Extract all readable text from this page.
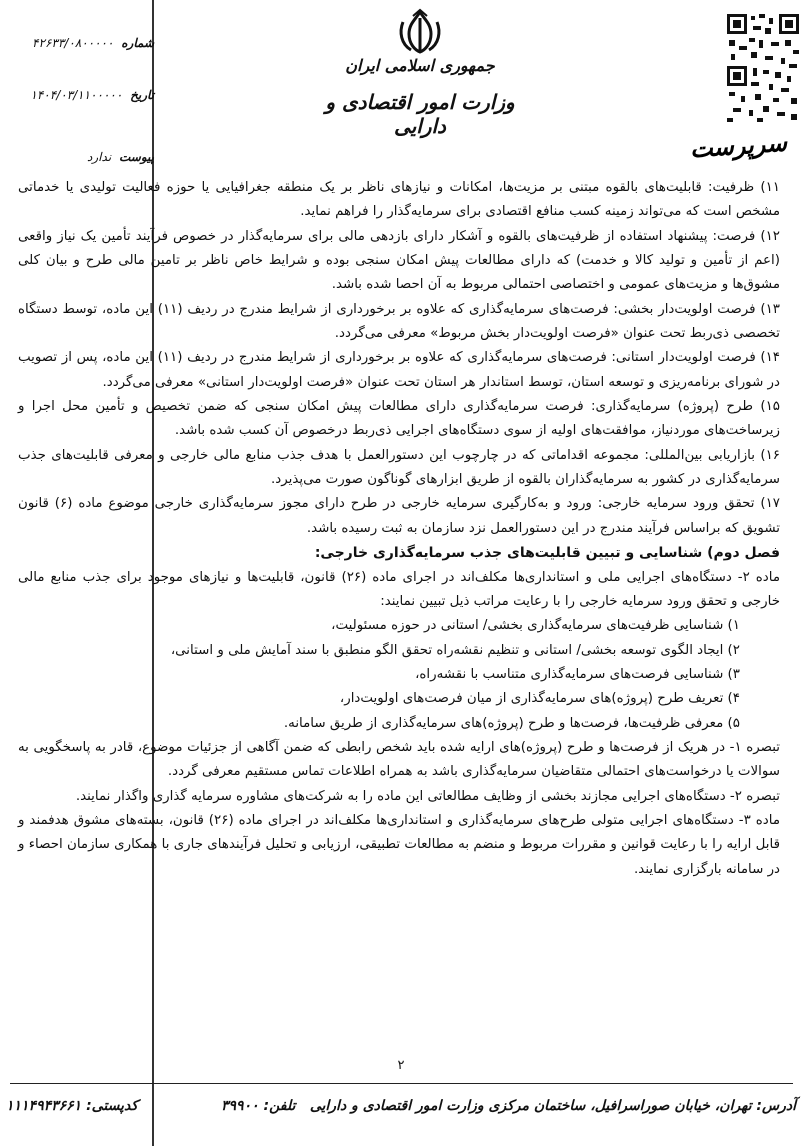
جمهوری اسلامی ایران
وزارت امور اقتصادی و دارایی
شماره ۴۲۶۳۳/۰۸۰۰۰۰۰
تاریخ ۱۴۰۴/۰۳/۱۱۰۰۰۰۰
پیوست ندارد	سرپرست

۱۱) ظرفیت: قابلیت‌های بالقوه مبتنی بر مزیت‌ها، امکانات و نیازهای ناظر بر یک منطقه جغرافیایی یا حوزه فعالیت تولیدی یا خدماتی مشخص است که می‌تواند زمینه کسب منافع اقتصادی برای سرمایه‌گذار را فراهم نماید.

۱۲) فرصت: پیشنهاد استفاده از ظرفیت‌های بالقوه و آشکار دارای بازدهی مالی برای سرمایه‌گذار در خصوص فرآیند تأمین یک نیاز واقعی (اعم از تأمین و تولید کالا و خدمت) که دارای مطالعات پیش امکان سنجی بوده و شرایط خاص ناظر بر تامین مالی طرح و بیان کلی مشوق‌ها و مزیت‌های عمومی و اختصاصی احتمالی مربوط به آن احصا شده باشد.

۱۳) فرصت اولویت‌دار بخشی: فرصت‌های سرمایه‌گذاری که علاوه بر برخورداری از شرایط مندرج در ردیف (۱۱) این ماده، توسط دستگاه تخصصی ذی‌ربط تحت عنوان «فرصت اولویت‌دار بخش مربوط» معرفی می‌گردد.

۱۴) فرصت اولویت‌دار استانی: فرصت‌های سرمایه‌گذاری که علاوه بر برخورداری از شرایط مندرج در ردیف (۱۱) این ماده، پس از تصویب در شورای برنامه‌ریزی و توسعه استان، توسط استاندار هر استان تحت عنوان «فرصت اولویت‌دار استانی» معرفی می‌گردد.

۱۵) طرح (پروژه) سرمایه‌گذاری: فرصت سرمایه‌گذاری دارای مطالعات پیش امکان سنجی که ضمن تخصیص و تأمین محل اجرا و زیرساخت‌های موردنیاز، موافقت‌های اولیه از سوی دستگاه‌های اجرایی ذی‌ربط درخصوص آن کسب شده باشد.

۱۶) بازاریابی بین‌المللی: مجموعه اقداماتی که در چارچوب این دستورالعمل با هدف جذب منابع مالی خارجی و معرفی قابلیت‌های جذب سرمایه‌گذاری در کشور به سرمایه‌گذاران بالقوه از طریق ابزارهای گوناگون صورت می‌پذیرد.

۱۷) تحقق ورود سرمایه خارجی: ورود و به‌کارگیری سرمایه خارجی در طرح دارای مجوز سرمایه‌گذاری خارجی موضوع ماده (۶) قانون تشویق که براساس فرآیند مندرج در این دستورالعمل نزد سازمان به ثبت رسیده باشد.

فصل دوم) شناسایی و تبیین قابلیت‌های جذب سرمایه‌گذاری خارجی:

ماده ۲- دستگاه‌های اجرایی ملی و استانداری‌ها مکلف‌اند در اجرای ماده (۲۶) قانون، قابلیت‌ها و نیازهای موجود برای جذب منابع مالی خارجی و تحقق ورود سرمایه خارجی را با رعایت مراتب ذیل تبیین نمایند:

۱) شناسایی ظرفیت‌های سرمایه‌گذاری بخشی/ استانی در حوزه مسئولیت،

۲) ایجاد الگوی توسعه بخشی/ استانی و تنظیم نقشه‌راه تحقق الگو منطبق با سند آمایش ملی و استانی،

۳) شناسایی فرصت‌های سرمایه‌گذاری متناسب با نقشه‌راه،

۴) تعریف طرح (پروژه)های سرمایه‌گذاری از میان فرصت‌های اولویت‌دار،

۵) معرفی ظرفیت‌ها، فرصت‌ها و طرح (پروژه)های سرمایه‌گذاری از طریق سامانه.

تبصره ۱- در هریک از فرصت‌ها و طرح (پروژه)های ارایه شده باید شخص رابطی که ضمن آگاهی از جزئیات موضوع، قادر به پاسخگویی به سوالات یا درخواست‌های احتمالی متقاضیان سرمایه‌گذاری باشد به همراه اطلاعات تماس مستقیم معرفی گردد.

تبصره ۲- دستگاه‌های اجرایی مجازند بخشی از وظایف مطالعاتی این ماده را به شرکت‌های مشاوره سرمایه گذاری واگذار نمایند.

ماده ۳- دستگاه‌های اجرایی متولی طرح‌های سرمایه‌گذاری و استانداری‌ها مکلف‌اند در اجرای ماده (۲۶) قانون، بسته‌های مشوق هدفمند و قابل ارایه را با رعایت قوانین و مقررات مربوط و منضم به مطالعات تطبیقی، ارزیابی و تحلیل فرآیندهای جاری با همکاری سازمان احصاء و در سامانه بارگزاری نمایند.

۲
آدرس: تهران، خیابان صوراسرافیل، ساختمان مرکزی وزارت امور اقتصادی و دارایی
تلفن: ۳۹۹۰۰
کدپستی: ۱۱۱۴۹۴۳۶۶۱
